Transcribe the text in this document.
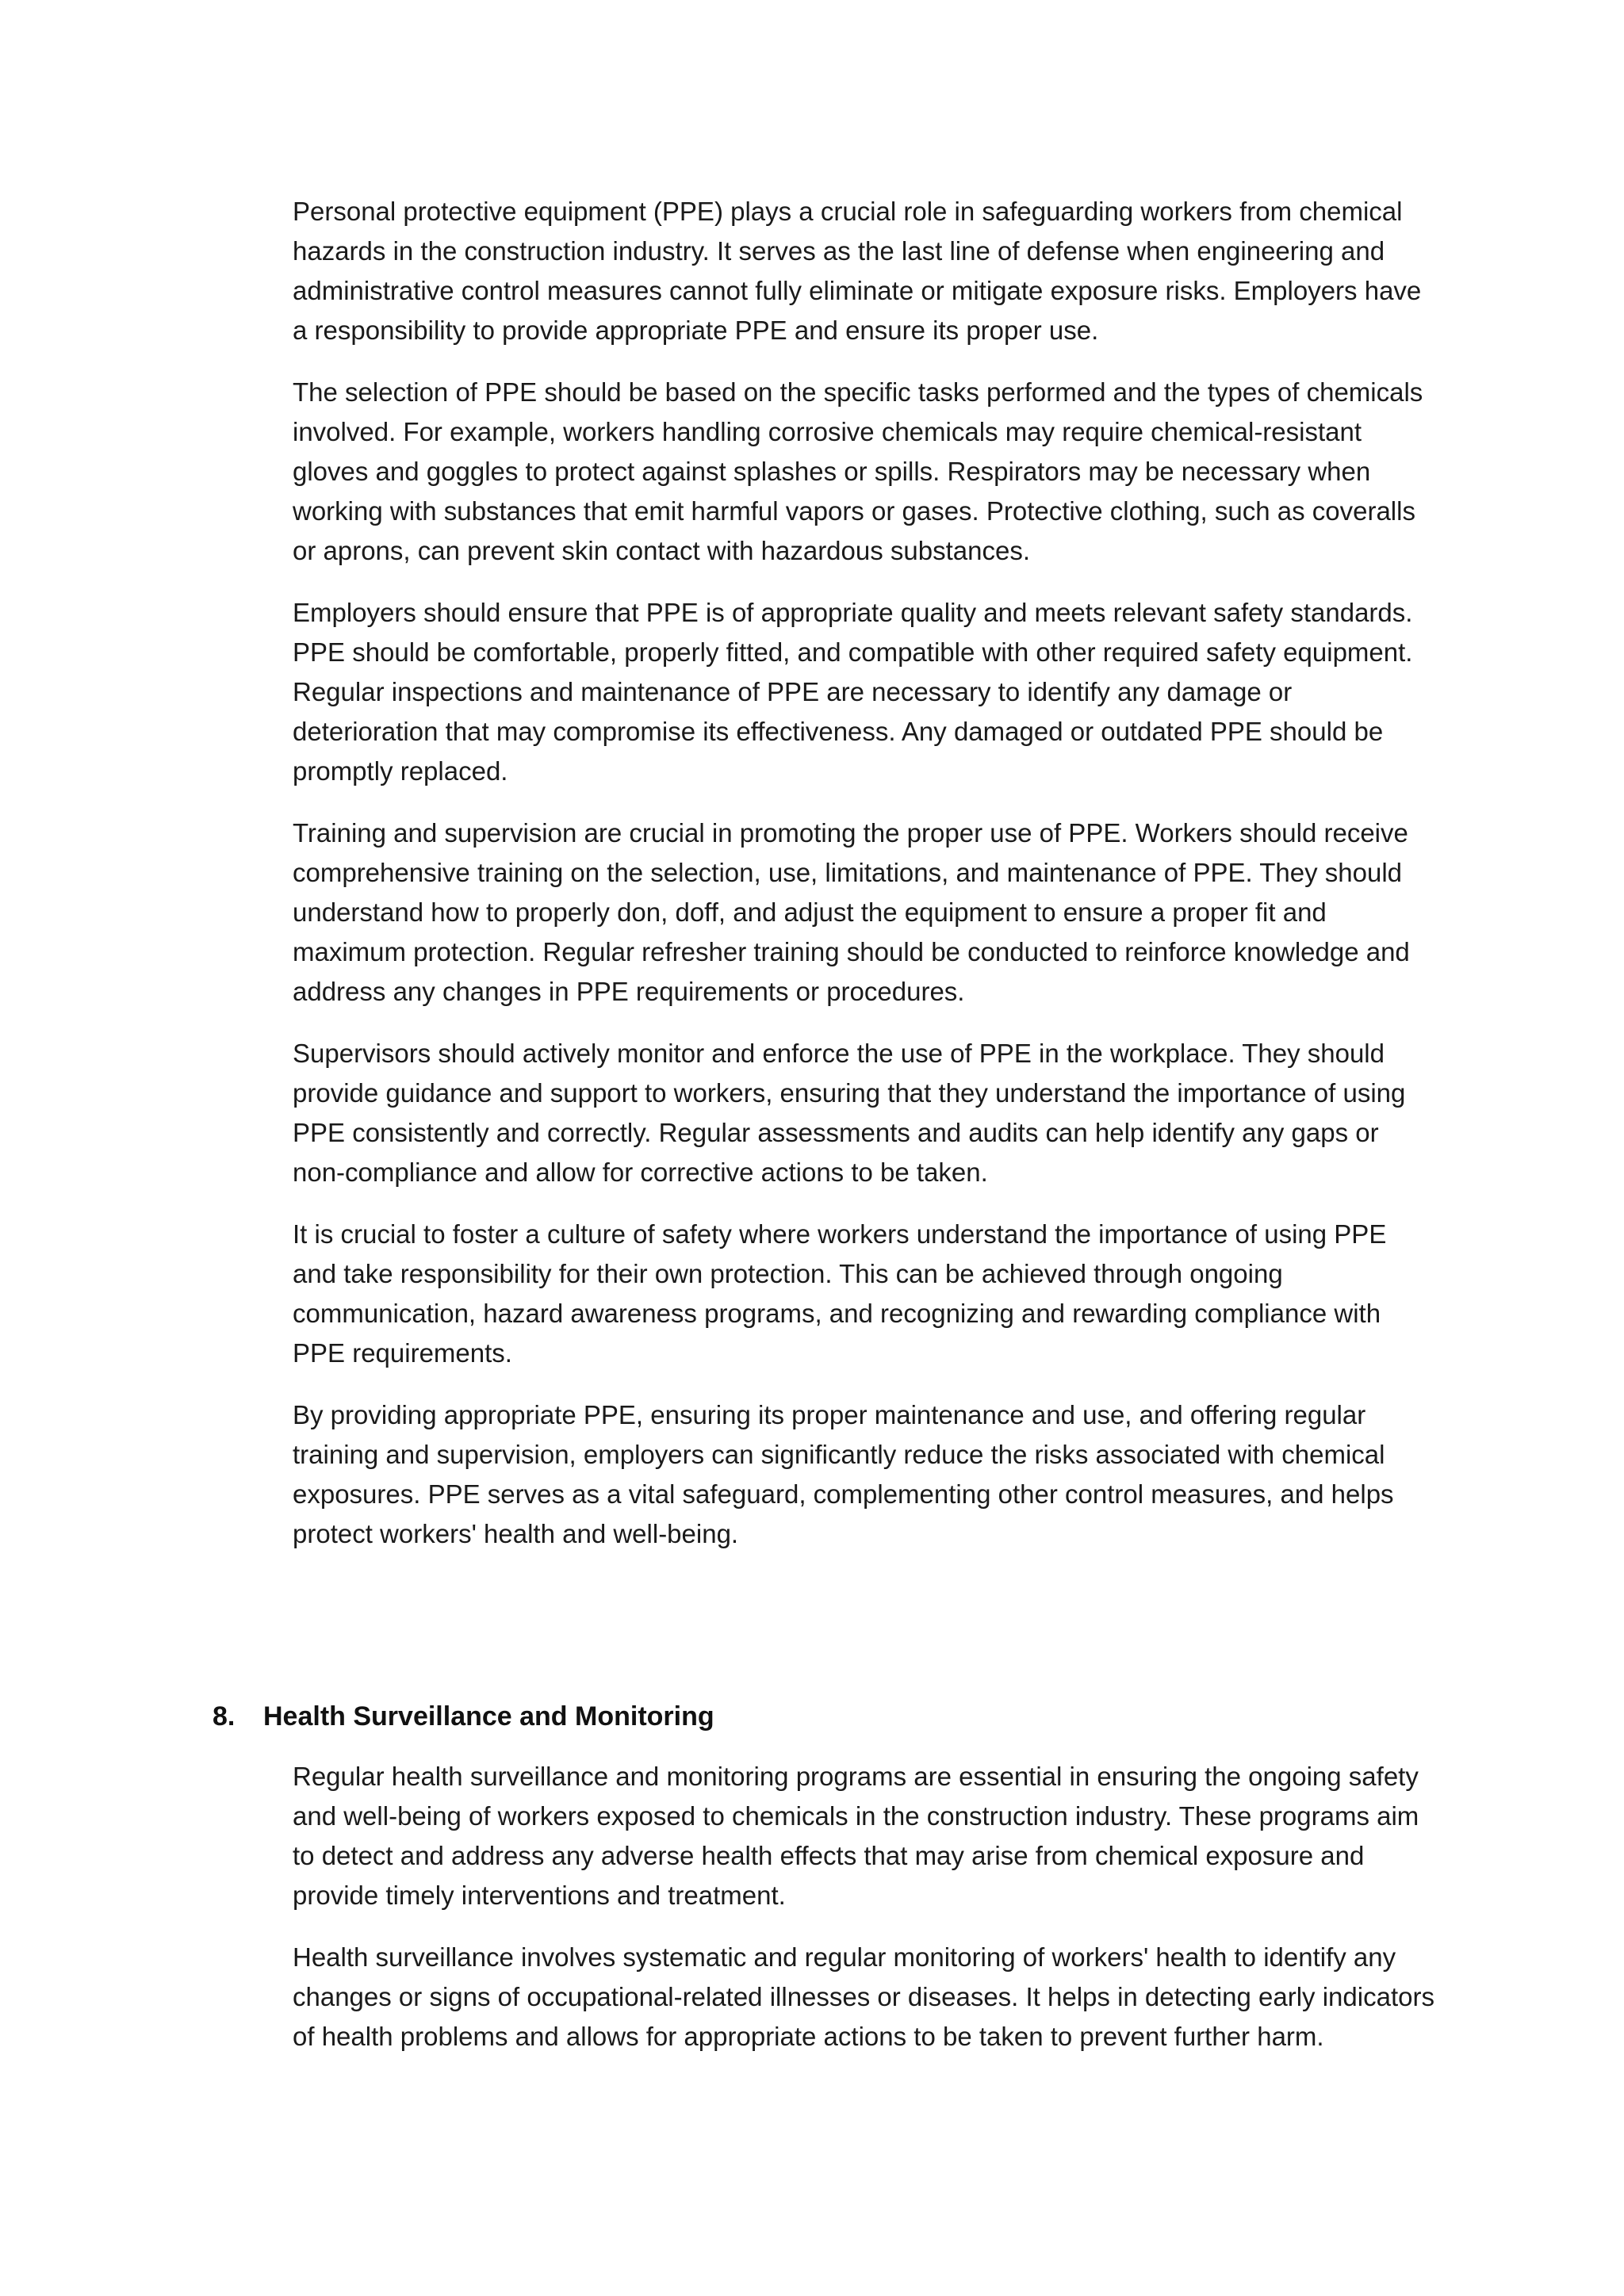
Personal protective equipment (PPE) plays a crucial role in safeguarding workers from chemical hazards in the construction industry. It serves as the last line of defense when engineering and administrative control measures cannot fully eliminate or mitigate exposure risks. Employers have a responsibility to provide appropriate PPE and ensure its proper use.

The selection of PPE should be based on the specific tasks performed and the types of chemicals involved. For example, workers handling corrosive chemicals may require chemical-resistant gloves and goggles to protect against splashes or spills. Respirators may be necessary when working with substances that emit harmful vapors or gases. Protective clothing, such as coveralls or aprons, can prevent skin contact with hazardous substances.

Employers should ensure that PPE is of appropriate quality and meets relevant safety standards. PPE should be comfortable, properly fitted, and compatible with other required safety equipment. Regular inspections and maintenance of PPE are necessary to identify any damage or deterioration that may compromise its effectiveness. Any damaged or outdated PPE should be promptly replaced.

Training and supervision are crucial in promoting the proper use of PPE. Workers should receive comprehensive training on the selection, use, limitations, and maintenance of PPE. They should understand how to properly don, doff, and adjust the equipment to ensure a proper fit and maximum protection. Regular refresher training should be conducted to reinforce knowledge and address any changes in PPE requirements or procedures.

Supervisors should actively monitor and enforce the use of PPE in the workplace. They should provide guidance and support to workers, ensuring that they understand the importance of using PPE consistently and correctly. Regular assessments and audits can help identify any gaps or non-compliance and allow for corrective actions to be taken.

It is crucial to foster a culture of safety where workers understand the importance of using PPE and take responsibility for their own protection. This can be achieved through ongoing communication, hazard awareness programs, and recognizing and rewarding compliance with PPE requirements.

By providing appropriate PPE, ensuring its proper maintenance and use, and offering regular training and supervision, employers can significantly reduce the risks associated with chemical exposures. PPE serves as a vital safeguard, complementing other control measures, and helps protect workers' health and well-being.

8. Health Surveillance and Monitoring

Regular health surveillance and monitoring programs are essential in ensuring the ongoing safety and well-being of workers exposed to chemicals in the construction industry. These programs aim to detect and address any adverse health effects that may arise from chemical exposure and provide timely interventions and treatment.

Health surveillance involves systematic and regular monitoring of workers' health to identify any changes or signs of occupational-related illnesses or diseases. It helps in detecting early indicators of health problems and allows for appropriate actions to be taken to prevent further harm.
